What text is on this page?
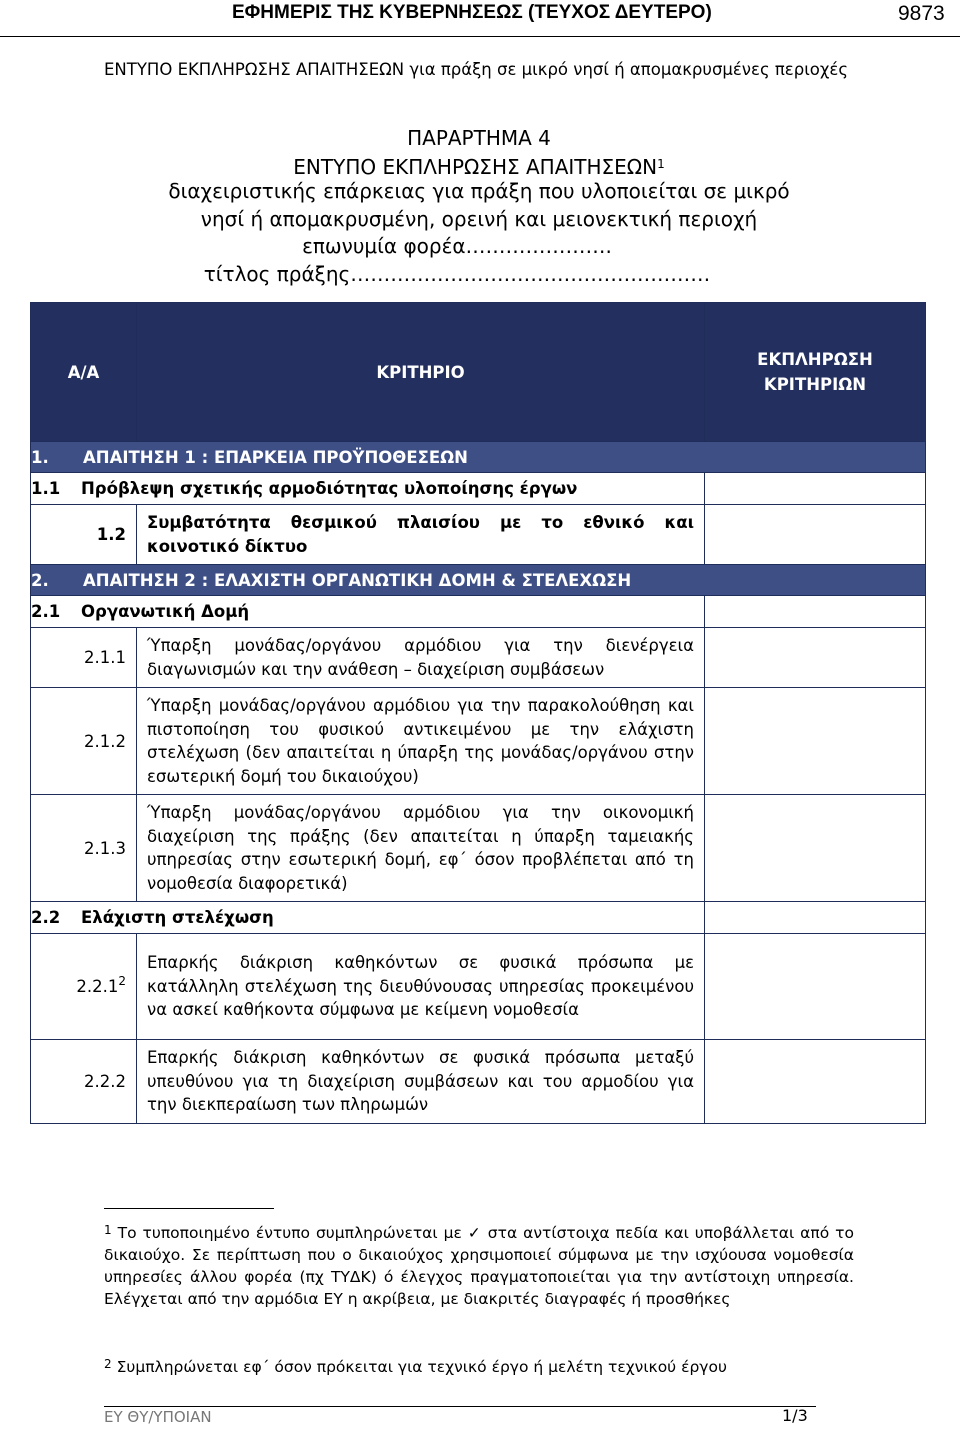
ΕΦΗΜΕΡΙΣ ΤΗΣ ΚΥΒΕΡΝΗΣΕΩΣ (ΤΕΥΧΟΣ ΔΕΥΤΕΡΟ)	9873
ΕΝΤΥΠΟ ΕΚΠΛΗΡΩΣΗΣ ΑΠΑΙΤΗΣΕΩΝ για πράξη σε μικρό νησί ή απομακρυσμένες περιοχές
ΠΑΡΑΡΤΗΜΑ 4
ΕΝΤΥΠΟ ΕΚΠΛΗΡΩΣΗΣ ΑΠΑΙΤΗΣΕΩΝ$^1$
διαχειριστικής επάρκειας για πράξη που υλοποιείται σε μικρό
νησί ή απομακρυσμένη, ορεινή και μειονεκτική περιοχή
επωνυμία φορέα………………….
τίτλος πράξης………………………………………………
Α/Α	ΚΡΙΤΗΡΙΟ	ΕΚΠΛΗΡΩΣΗ
ΚΡΙΤΗΡΙΩΝ

1. ΑΠΑΙΤΗΣΗ 1 : ΕΠΑΡΚΕΙΑ ΠΡΟΫΠΟΘΕΣΕΩΝ		
1.1 Πρόβλεψη σχετικής αρμοδιότητας υλοποίησης έργων		
1.2	Συμβατότητα θεσμικού πλαισίου με το εθνικό και κοινοτικό δίκτυο	
2. ΑΠΑΙΤΗΣΗ 2 : ΕΛΑΧΙΣΤΗ ΟΡΓΑΝΩΤΙΚΗ ΔΟΜΗ & ΣΤΕΛΕΧΩΣΗ		
2.1 Οργανωτική Δομή		
2.1.1	Ύπαρξη μονάδας/οργάνου αρμόδιου για την διενέργεια διαγωνισμών και την ανάθεση – διαχείριση συμβάσεων	
2.1.2	Ύπαρξη μονάδας/οργάνου αρμόδιου για την παρακολούθηση και πιστοποίηση του φυσικού αντικειμένου με την ελάχιστη στελέχωση (δεν απαιτείται η ύπαρξη της μονάδας/οργάνου στην εσωτερική δομή του δικαιούχου)	
2.1.3	Ύπαρξη μονάδας/οργάνου αρμόδιου για την οικονομική διαχείριση της πράξης (δεν απαιτείται η ύπαρξη ταμειακής υπηρεσίας στην εσωτερική δομή, εφ΄ όσον προβλέπεται από τη νομοθεσία διαφορετικά)	
2.2 Ελάχιστη στελέχωση		
2.2.1$^2$	Επαρκής διάκριση καθηκόντων σε φυσικά πρόσωπα με κατάλληλη στελέχωση της διευθύνουσας υπηρεσίας προκειμένου να ασκεί καθήκοντα σύμφωνα με κείμενη νομοθεσία	
2.2.2	Επαρκής διάκριση καθηκόντων σε φυσικά πρόσωπα μεταξύ υπευθύνου για τη διαχείριση συμβάσεων και του αρμοδίου για την διεκπεραίωση των πληρωμών	
$^1$ Το τυποποιημένο έντυπο συμπληρώνεται με ✓ στα αντίστοιχα πεδία και υποβάλλεται από το δικαιούχο. Σε περίπτωση που ο δικαιούχος χρησιμοποιεί σύμφωνα με την ισχύουσα νομοθεσία υπηρεσίες άλλου φορέα (πχ ΤΥΔΚ) ό έλεγχος πραγματοποιείται για την αντίστοιχη υπηρεσία. Ελέγχεται από την αρμόδια ΕΥ η ακρίβεια, με διακριτές διαγραφές ή προσθήκες
$^2$ Συμπληρώνεται εφ΄ όσον πρόκειται για τεχνικό έργο ή μελέτη τεχνικού έργου
ΕΥ ΘΥ/ΥΠΟΙΑΝ	1/3
